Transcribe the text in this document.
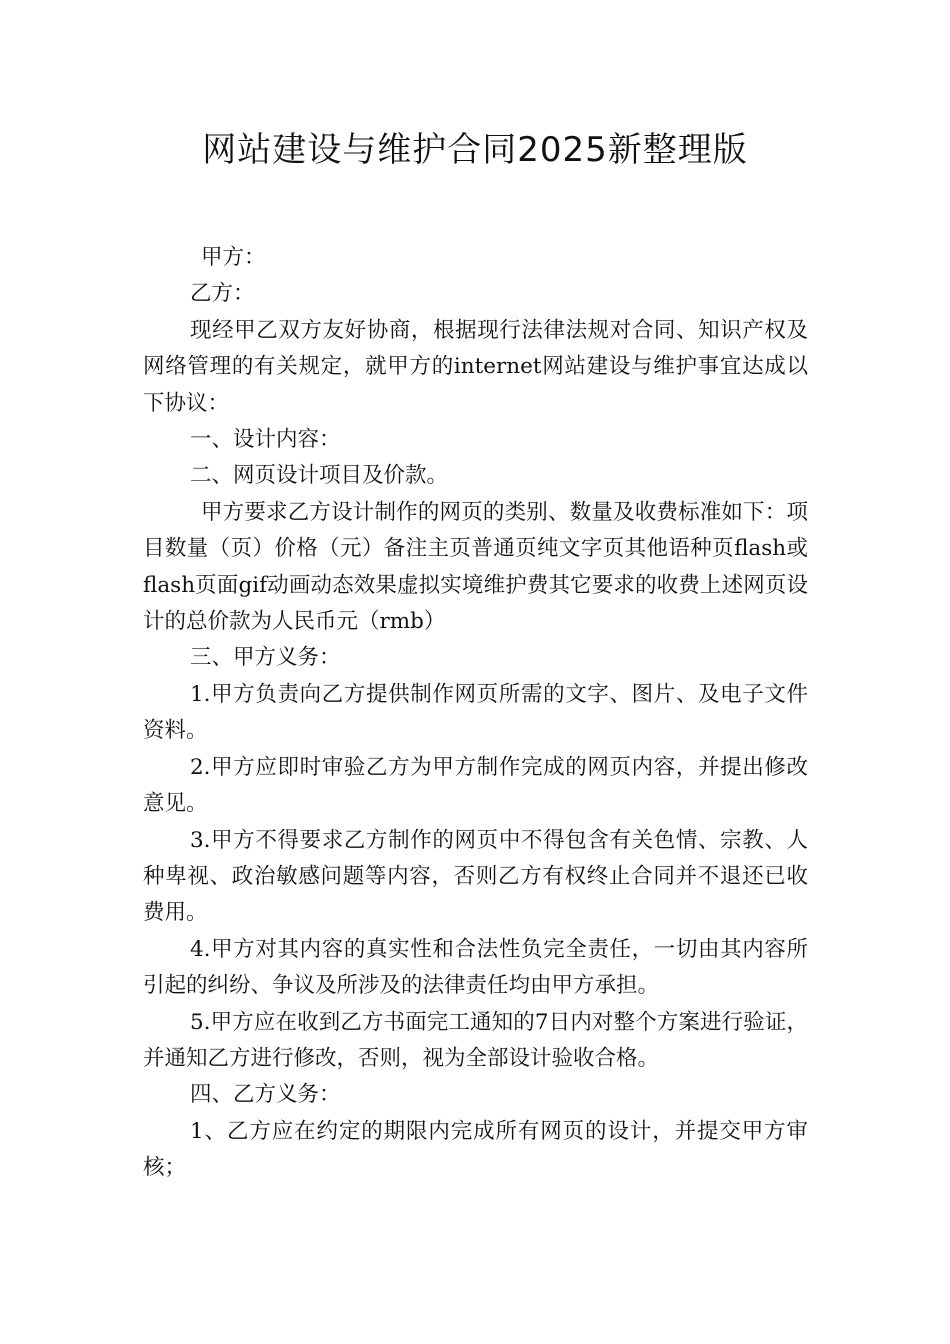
网站建设与维护合同2025新整理版

甲方：

乙方：

现经甲乙双方友好协商，根据现行法律法规对合同、知识产权及网络管理的有关规定，就甲方的internet网站建设与维护事宜达成以下协议：

一、设计内容：

二、网页设计项目及价款。

甲方要求乙方设计制作的网页的类别、数量及收费标准如下：项目数量（页）价格（元）备注主页普通页纯文字页其他语种页flash或flash页面gif动画动态效果虚拟实境维护费其它要求的收费上述网页设计的总价款为人民币元（rmb）

三、甲方义务：

1.甲方负责向乙方提供制作网页所需的文字、图片、及电子文件资料。

2.甲方应即时审验乙方为甲方制作完成的网页内容，并提出修改意见。

3.甲方不得要求乙方制作的网页中不得包含有关色情、宗教、人种卑视、政治敏感问题等内容，否则乙方有权终止合同并不退还已收费用。

4.甲方对其内容的真实性和合法性负完全责任，一切由其内容所引起的纠纷、争议及所涉及的法律责任均由甲方承担。

5.甲方应在收到乙方书面完工通知的7日内对整个方案进行验证，并通知乙方进行修改，否则，视为全部设计验收合格。

四、乙方义务：

1、乙方应在约定的期限内完成所有网页的设计，并提交甲方审核；
